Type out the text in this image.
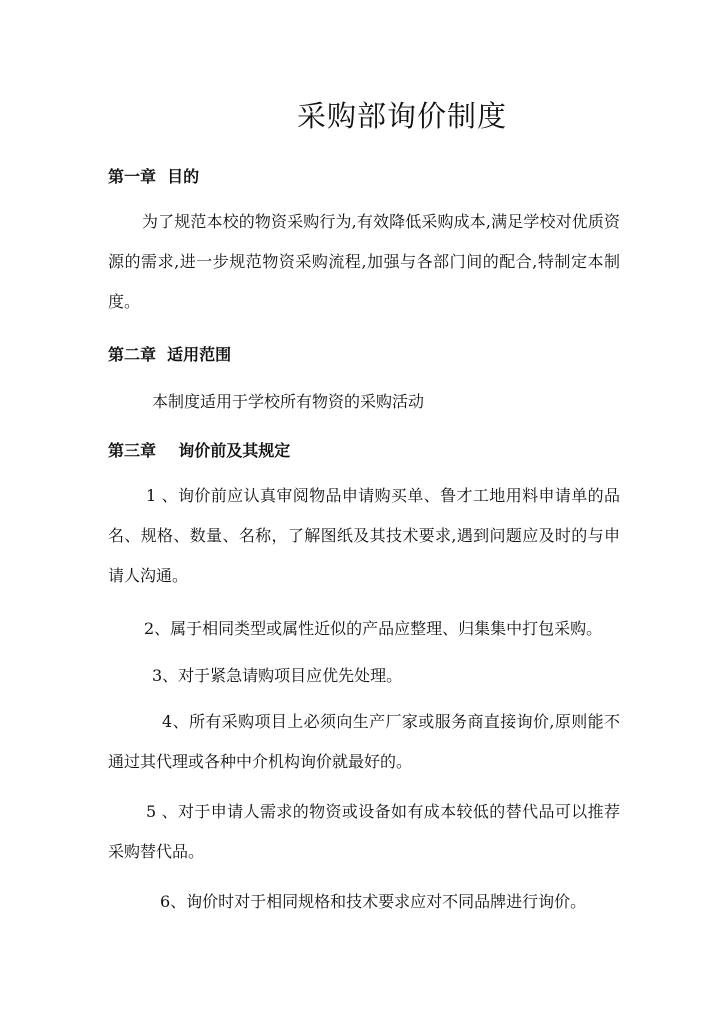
采购部询价制度
第一章  目的

为了规范本校的物资采购行为,有效降低采购成本,满足学校对优质资源的需求,进一步规范物资采购流程,加强与各部门间的配合,特制定本制度。

第二章  适用范围

本制度适用于学校所有物资的采购活动

第三章    询价前及其规定

1 、询价前应认真审阅物品申请购买单、鲁才工地用料申请单的品名、规格、数量、名称，了解图纸及其技术要求,遇到问题应及时的与申请人沟通。

2、属于相同类型或属性近似的产品应整理、归集集中打包采购。

3、对于紧急请购项目应优先处理。

4、所有采购项目上必须向生产厂家或服务商直接询价,原则能不通过其代理或各种中介机构询价就最好的。

5 、对于申请人需求的物资或设备如有成本较低的替代品可以推荐采购替代品。

6、询价时对于相同规格和技术要求应对不同品牌进行询价。
